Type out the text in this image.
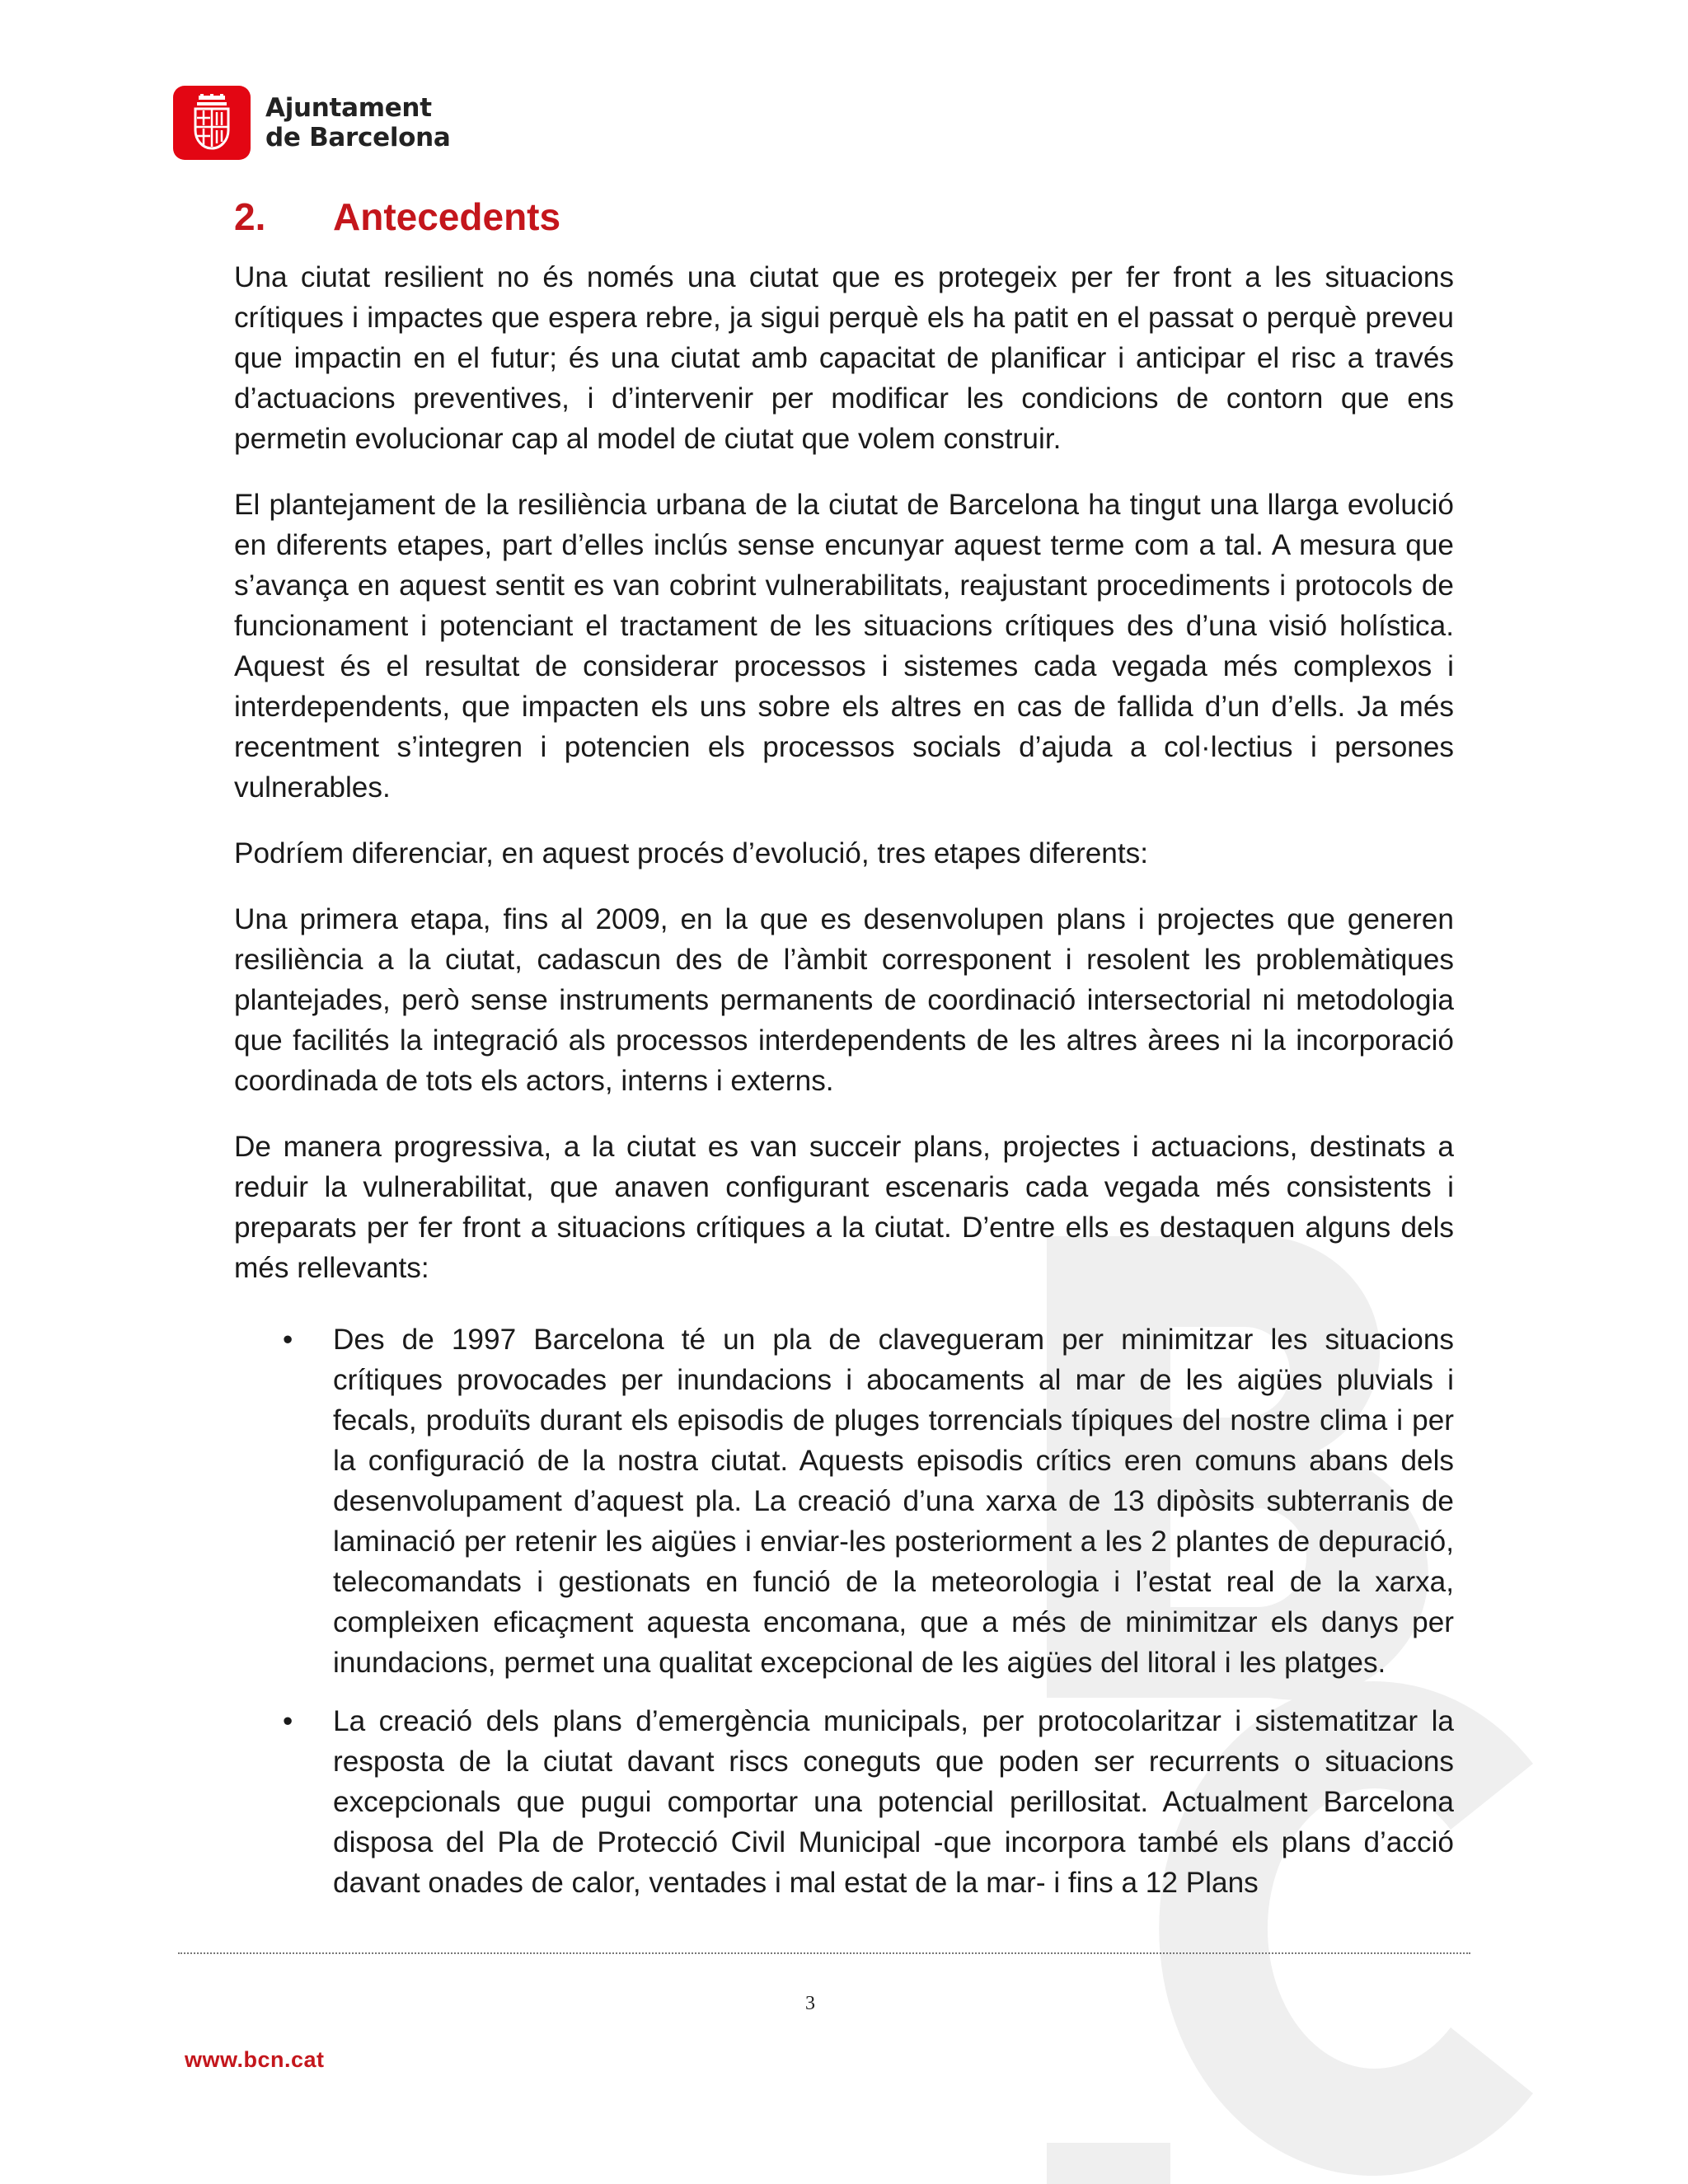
Ajuntament
de Barcelona
2.	Antecedents

Una ciutat resilient no és només una ciutat que es protegeix per fer front a les situacions crítiques i impactes que espera rebre, ja sigui perquè els ha patit en el passat o perquè preveu que impactin en el futur; és una ciutat amb capacitat de planificar i anticipar el risc a través d’actuacions preventives, i d’intervenir per modificar les condicions de contorn que ens permetin evolucionar cap al model de ciutat que volem construir.

El plantejament de la resiliència urbana de la ciutat de Barcelona ha tingut una llarga evolució en diferents etapes, part d’elles inclús sense encunyar aquest terme com a tal. A mesura que s’avança en aquest sentit es van cobrint vulnerabilitats, reajustant procediments i protocols de funcionament i potenciant el tractament de les situacions crítiques des d’una visió holística. Aquest és el resultat de considerar processos i sistemes cada vegada més complexos i interdependents, que impacten els uns sobre els altres en cas de fallida d’un d’ells. Ja més recentment s’integren i potencien els processos socials d’ajuda a col·lectius i persones vulnerables.

Podríem diferenciar, en aquest procés d’evolució, tres etapes diferents:

Una primera etapa, fins al 2009, en la que es desenvolupen plans i projectes que generen resiliència a la ciutat, cadascun des de l’àmbit corresponent i resolent les problemàtiques plantejades, però sense instruments permanents de coordinació intersectorial ni metodologia que facilités la integració als processos interdependents de les altres àrees ni la incorporació coordinada de tots els actors, interns i externs.

De manera progressiva, a la ciutat es van succeir plans, projectes i actuacions, destinats a reduir la vulnerabilitat, que anaven configurant escenaris cada vegada més consistents i preparats per fer front a situacions crítiques a la ciutat. D’entre ells es destaquen alguns dels més rellevants:

• Des de 1997 Barcelona té un pla de clavegueram per minimitzar les situacions crítiques provocades per inundacions i abocaments al mar de les aigües pluvials i fecals, produïts durant els episodis de pluges torrencials típiques del nostre clima i per la configuració de la nostra ciutat. Aquests episodis crítics eren comuns abans dels desenvolupament d’aquest pla. La creació d’una xarxa de 13 dipòsits subterranis de laminació per retenir les aigües i enviar-les posteriorment a les 2 plantes de depuració, telecomandats i gestionats en funció de la meteorologia i l’estat real de la xarxa, compleixen eficaçment aquesta encomana, que a més de minimitzar els danys per inundacions, permet una qualitat excepcional de les aigües del litoral i les platges.
• La creació dels plans d’emergència municipals, per protocolaritzar i sistematitzar la resposta de la ciutat davant riscs coneguts que poden ser recurrents o situacions excepcionals que pugui comportar una potencial perillositat. Actualment Barcelona disposa del Pla de Protecció Civil Municipal -que incorpora també els plans d’acció davant onades de calor, ventades i mal estat de la mar- i fins a 12 Plans
3
www.bcn.cat
